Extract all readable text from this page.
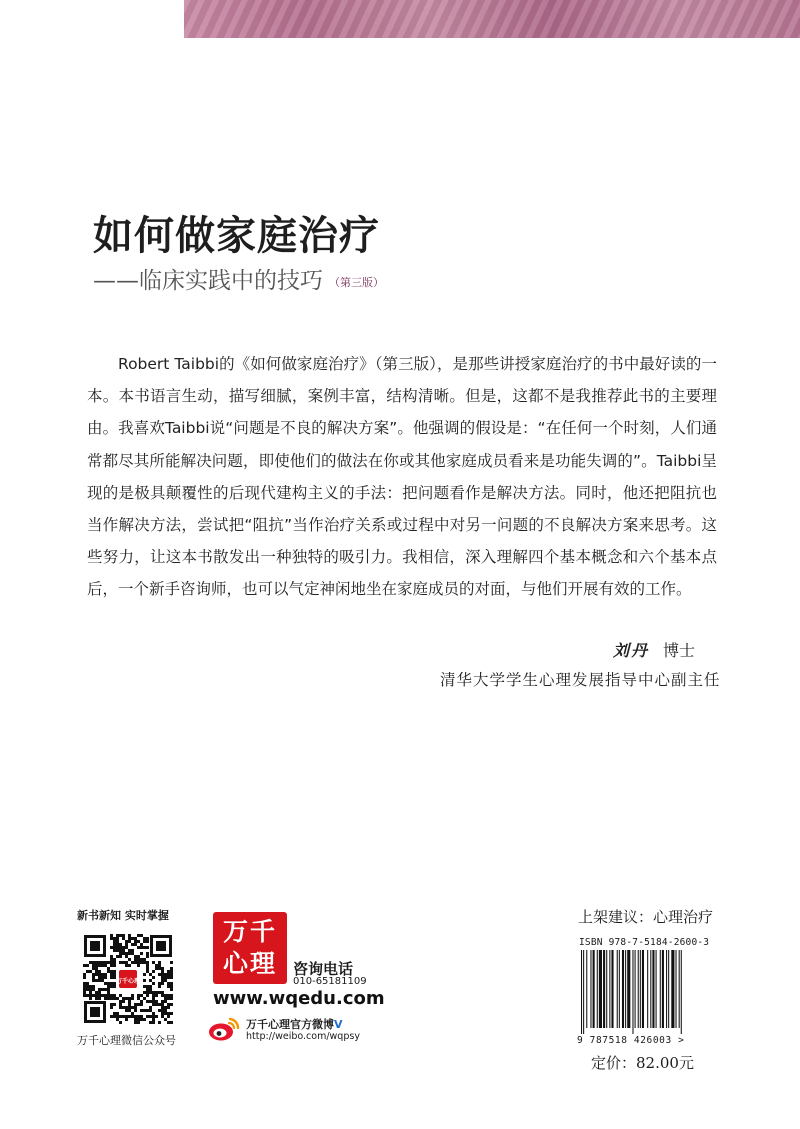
如何做家庭治疗
——临床实践中的技巧 （第三版）
Robert Taibbi的《如何做家庭治疗》（第三版），是那些讲授家庭治疗的书中最好读的一本。本书语言生动，描写细腻，案例丰富，结构清晰。但是，这都不是我推荐此书的主要理由。我喜欢Taibbi说“问题是不良的解决方案”。他强调的假设是：“在任何一个时刻，人们通常都尽其所能解决问题，即使他们的做法在你或其他家庭成员看来是功能失调的”。Taibbi呈现的是极具颠覆性的后现代建构主义的手法：把问题看作是解决方法。同时，他还把阻抗也当作解决方法，尝试把“阻抗”当作治疗关系或过程中对另一问题的不良解决方案来思考。这些努力，让这本书散发出一种独特的吸引力。我相信，深入理解四个基本概念和六个基本点后，一个新手咨询师，也可以气定神闲地坐在家庭成员的对面，与他们开展有效的工作。
刘丹 博士
清华大学学生心理发展指导中心副主任
新书新知 实时掌握
万千心理
万千心理微信公众号
万千
心理	咨询电话
010-65181109
www.wqedu.com
万千心理官方微博V
http://weibo.com/wqpsy
上架建议：心理治疗
ISBN 978-7-5184-2600-3
9 787518 426003 >
定价：82.00元
